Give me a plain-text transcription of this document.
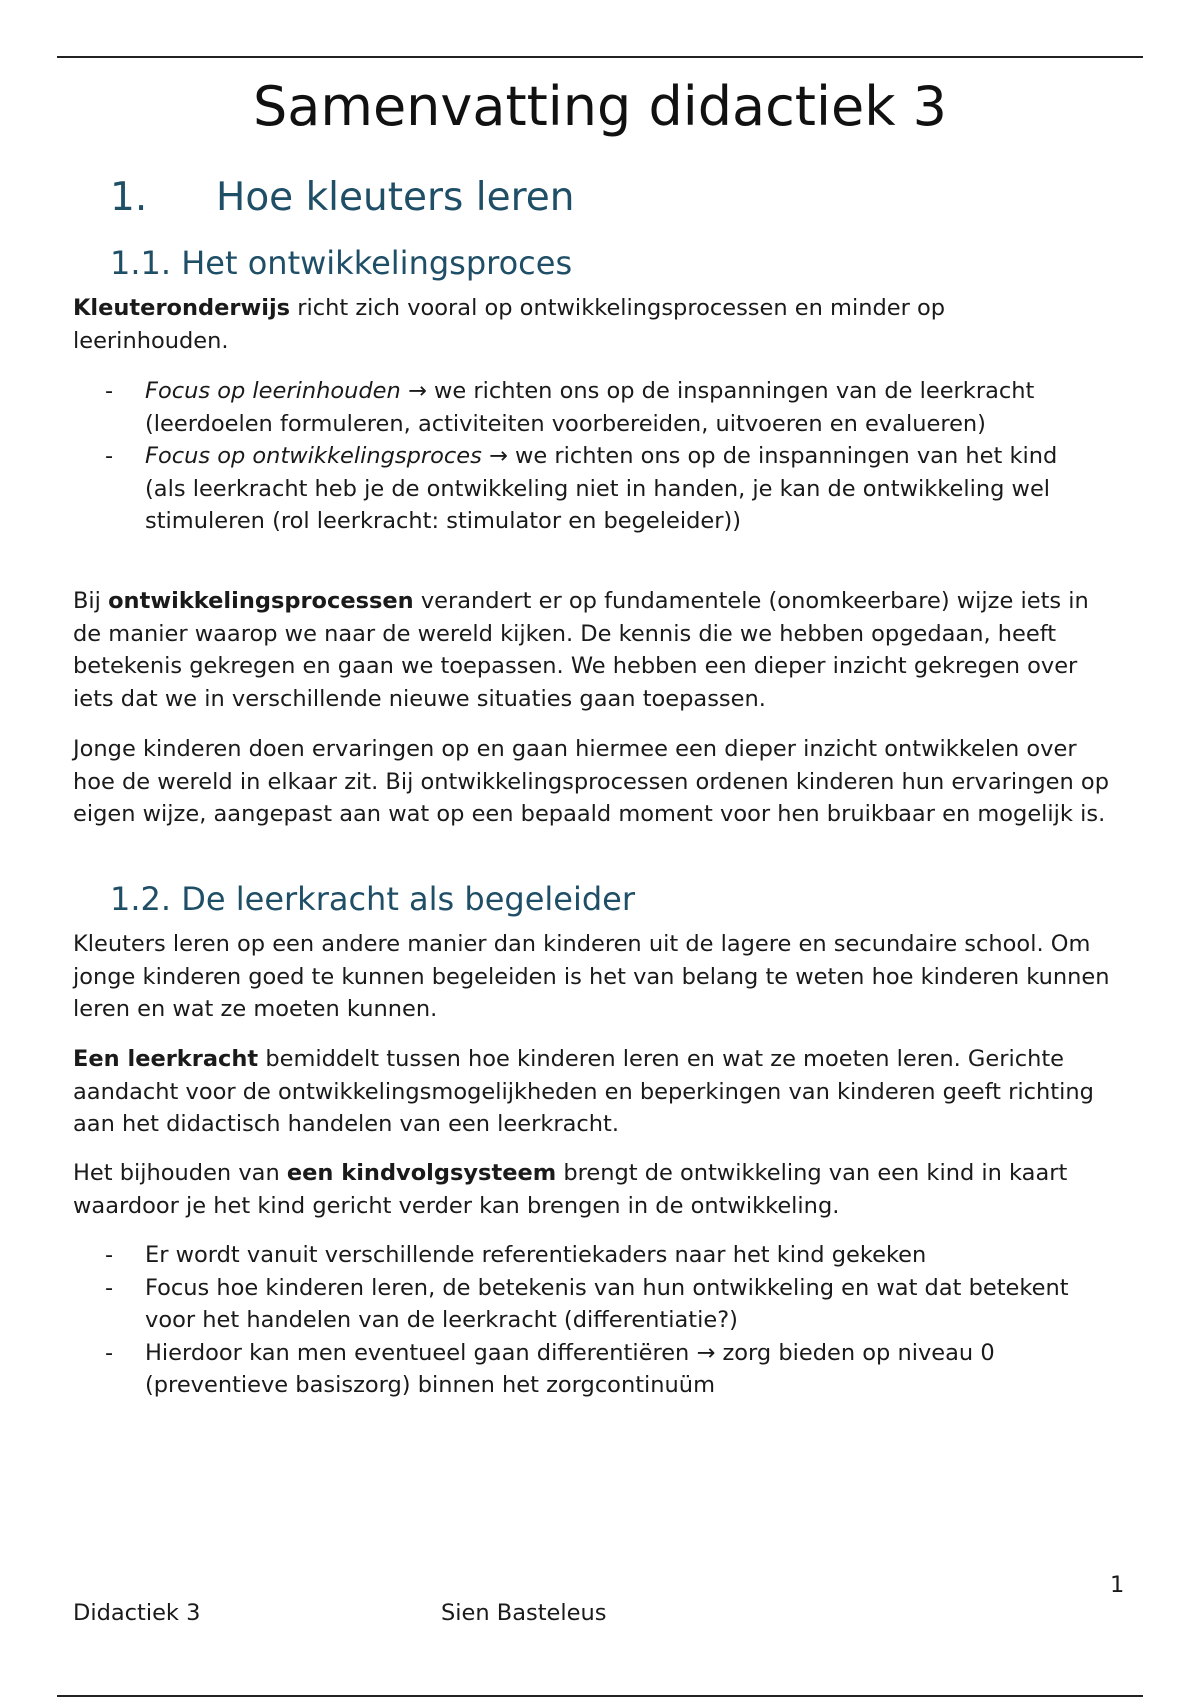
Samenvatting didactiek 3
1. Hoe kleuters leren
1.1. Het ontwikkelingsproces

Kleuteronderwijs richt zich vooral op ontwikkelingsprocessen en minder op leerinhouden.

- Focus op leerinhouden → we richten ons op de inspanningen van de leerkracht
(leerdoelen formuleren, activiteiten voorbereiden, uitvoeren en evalueren)
- Focus op ontwikkelingsproces → we richten ons op de inspanningen van het kind
(als leerkracht heb je de ontwikkeling niet in handen, je kan de ontwikkeling wel stimuleren (rol leerkracht: stimulator en begeleider))

Bij ontwikkelingsprocessen verandert er op fundamentele (onomkeerbare) wijze iets in de manier waarop we naar de wereld kijken. De kennis die we hebben opgedaan, heeft betekenis gekregen en gaan we toepassen. We hebben een dieper inzicht gekregen over iets dat we in verschillende nieuwe situaties gaan toepassen.

Jonge kinderen doen ervaringen op en gaan hiermee een dieper inzicht ontwikkelen over hoe de wereld in elkaar zit. Bij ontwikkelingsprocessen ordenen kinderen hun ervaringen op eigen wijze, aangepast aan wat op een bepaald moment voor hen bruikbaar en mogelijk is.

1.2. De leerkracht als begeleider

Kleuters leren op een andere manier dan kinderen uit de lagere en secundaire school. Om jonge kinderen goed te kunnen begeleiden is het van belang te weten hoe kinderen kunnen leren en wat ze moeten kunnen.

Een leerkracht bemiddelt tussen hoe kinderen leren en wat ze moeten leren. Gerichte aandacht voor de ontwikkelingsmogelijkheden en beperkingen van kinderen geeft richting aan het didactisch handelen van een leerkracht.

Het bijhouden van een kindvolgsysteem brengt de ontwikkeling van een kind in kaart waardoor je het kind gericht verder kan brengen in de ontwikkeling.

- Er wordt vanuit verschillende referentiekaders naar het kind gekeken
- Focus hoe kinderen leren, de betekenis van hun ontwikkeling en wat dat betekent voor het handelen van de leerkracht (differentiatie?)
- Hierdoor kan men eventueel gaan differentiëren → zorg bieden op niveau 0 (preventieve basiszorg) binnen het zorgcontinuüm
1
Didactiek 3	Sien Basteleus
